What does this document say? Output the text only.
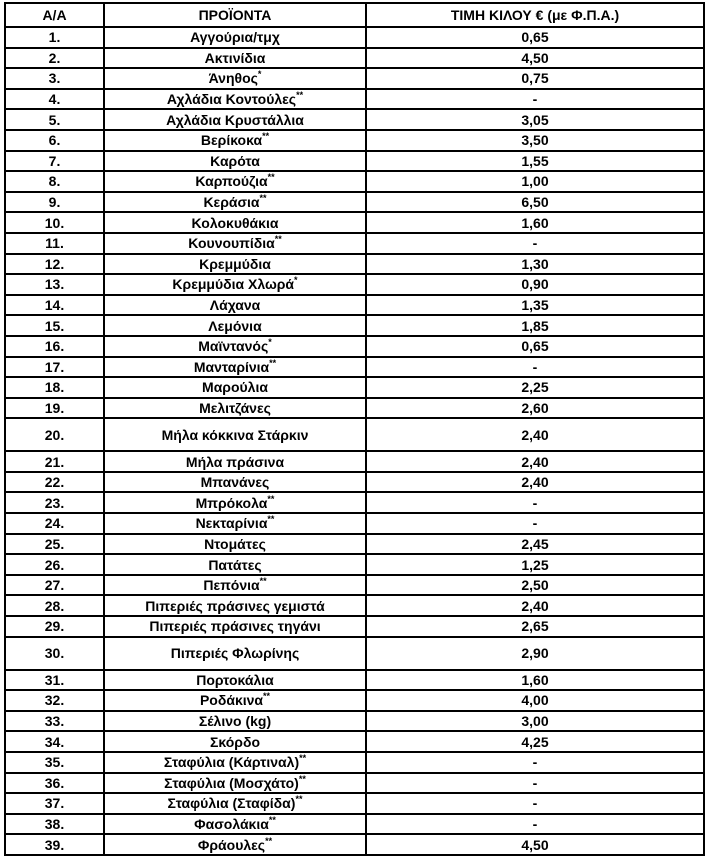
Α/Α	ΠΡΟΪΟΝΤΑ	ΤΙΜΗ ΚΙΛΟΥ € (με Φ.Π.Α.)
1.	Αγγούρια/τμχ	0,65
2.	Ακτινίδια	4,50
3.	Άνηθος*	0,75
4.	Αχλάδια Κοντούλες**	-
5.	Αχλάδια Κρυστάλλια	3,05
6.	Βερίκοκα**	3,50
7.	Καρότα	1,55
8.	Καρπούζια**	1,00
9.	Κεράσια**	6,50
10.	Κολοκυθάκια	1,60
11.	Κουνουπίδια**	-
12.	Κρεμμύδια	1,30
13.	Κρεμμύδια Χλωρά*	0,90
14.	Λάχανα	1,35
15.	Λεμόνια	1,85
16.	Μαϊντανός*	0,65
17.	Μανταρίνια**	-
18.	Μαρούλια	2,25
19.	Μελιτζάνες	2,60
20.	Μήλα κόκκινα Στάρκιν	2,40
21.	Μήλα πράσινα	2,40
22.	Μπανάνες	2,40
23.	Μπρόκολα**	-
24.	Νεκταρίνια**	-
25.	Ντομάτες	2,45
26.	Πατάτες	1,25
27.	Πεπόνια**	2,50
28.	Πιπεριές πράσινες γεμιστά	2,40
29.	Πιπεριές πράσινες τηγάνι	2,65
30.	Πιπεριές Φλωρίνης	2,90
31.	Πορτοκάλια	1,60
32.	Ροδάκινα**	4,00
33.	Σέλινο (kg)	3,00
34.	Σκόρδο	4,25
35.	Σταφύλια (Κάρτιναλ)**	-
36.	Σταφύλια (Μοσχάτο)**	-
37.	Σταφύλια (Σταφίδα)**	-
38.	Φασολάκια**	-
39.	Φράουλες**	4,50
